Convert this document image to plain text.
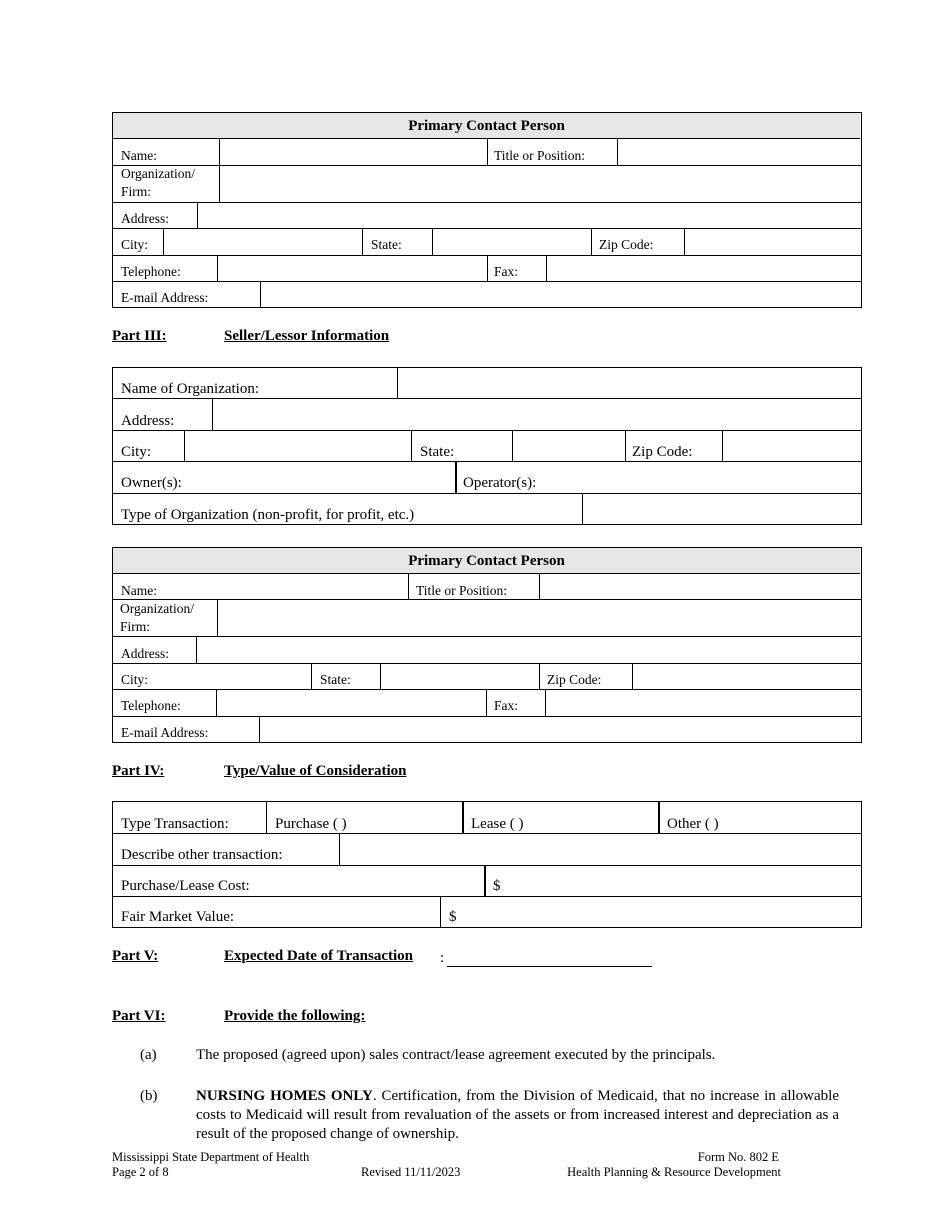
Primary Contact Person
Name:	Title or Position:
Organization/
Firm:
Address:
City:	State:	Zip Code:
Telephone:	Fax:
E-mail Address:
Part III:	Seller/Lessor Information
Name of Organization:
Address:
City:	State:	Zip Code:
Owner(s):	Operator(s):
Type of Organization (non-profit, for profit, etc.)
Primary Contact Person
Name:	Title or Position:
Organization/
Firm:
Address:
City:	State:	Zip Code:
Telephone:	Fax:
E-mail Address:
Part IV:	Type/Value of Consideration
Type Transaction:	Purchase ( )	Lease ( )	Other ( )
Describe other transaction:
Purchase/Lease Cost:	$
Fair Market Value:	$
Part V:	Expected Date of Transaction :
Part VI:	Provide the following:
(a)	The proposed (agreed upon) sales contract/lease agreement executed by the principals.
(b)	NURSING HOMES ONLY. Certification, from the Division of Medicaid, that no increase in allowable costs to Medicaid will result from revaluation of the assets or from increased interest and depreciation as a result of the proposed change of ownership.
Mississippi State Department of Health
Page 2 of 8	Revised 11/11/2023
Form No. 802 E
Health Planning & Resource Development
